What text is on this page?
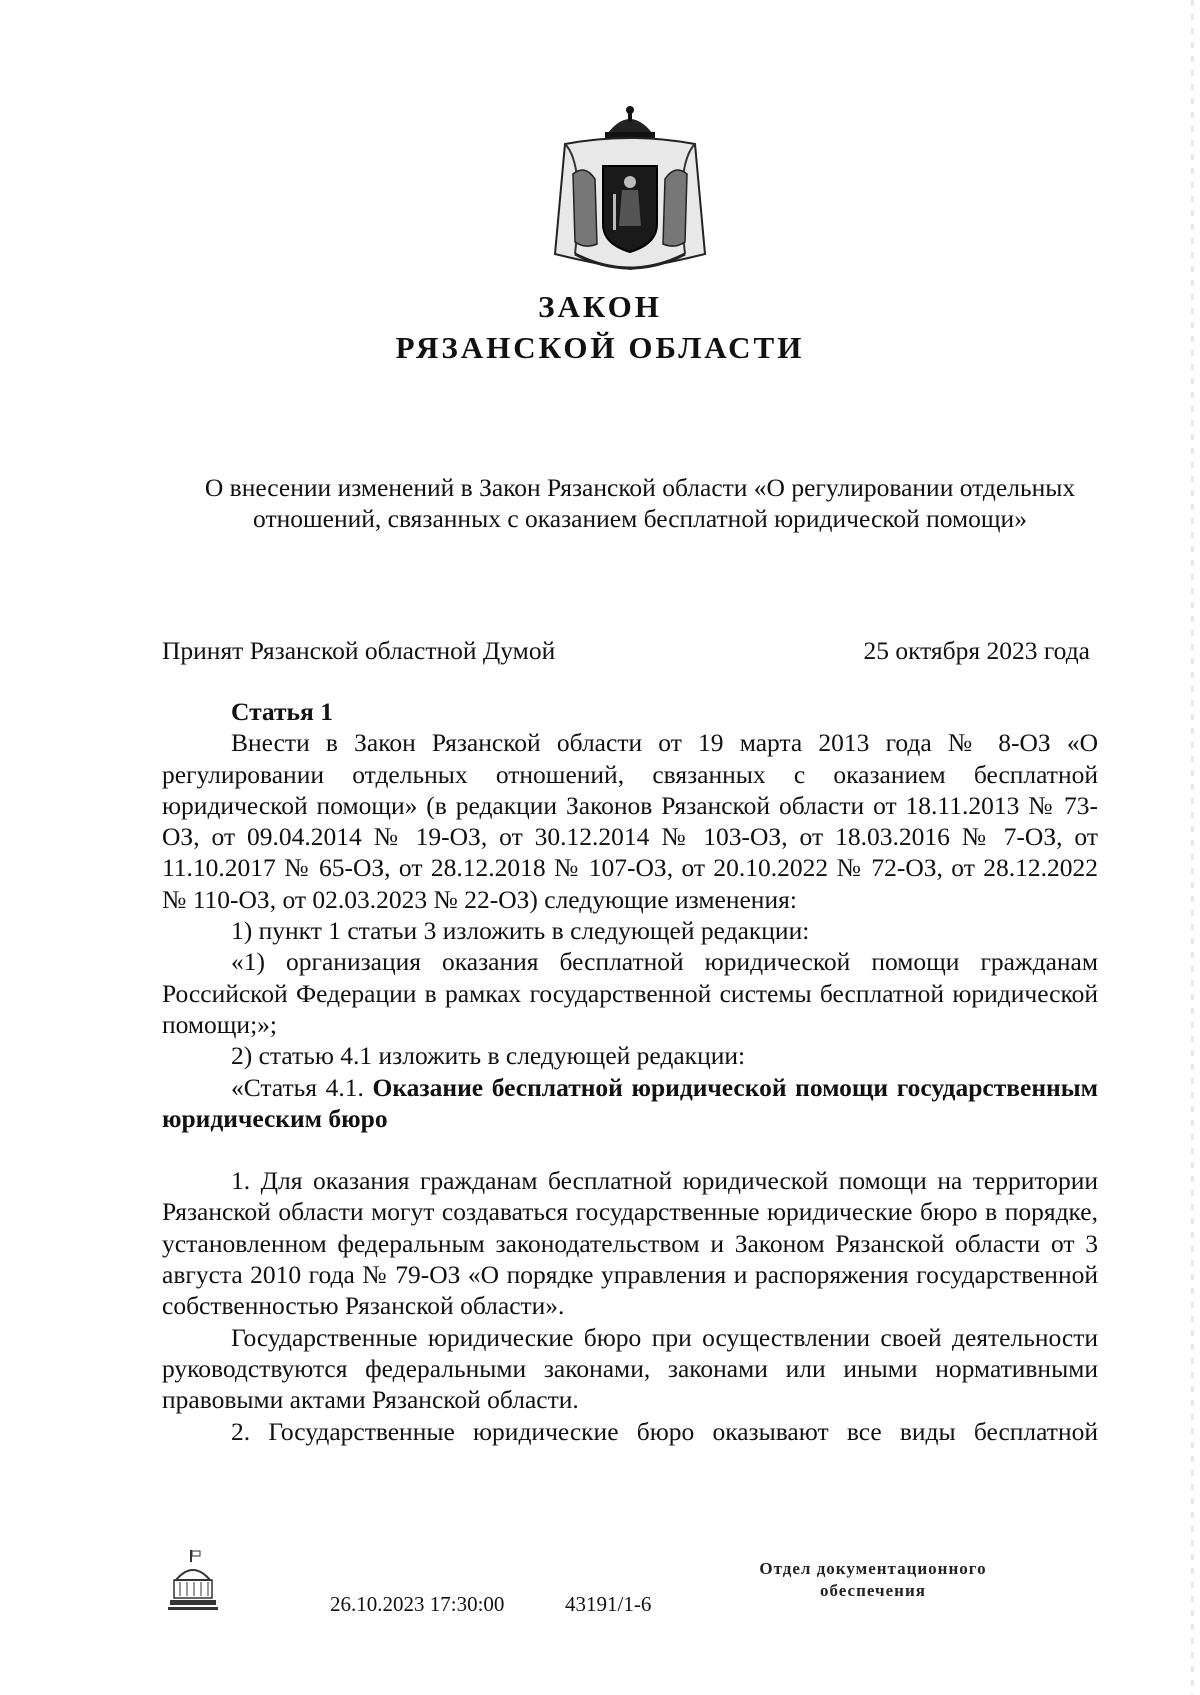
ЗАКОН
РЯЗАНСКОЙ ОБЛАСТИ
О внесении изменений в Закон Рязанской области «О регулировании отдельных отношений, связанных с оказанием бесплатной юридической помощи»
Принят Рязанской областной Думой	25 октября 2023 года

Статья 1

Внести в Закон Рязанской области от 19 марта 2013 года № 8-ОЗ «О регулировании отдельных отношений, связанных с оказанием бесплатной юридической помощи» (в редакции Законов Рязанской области от 18.11.2013 № 73-ОЗ, от 09.04.2014 № 19-ОЗ, от 30.12.2014 № 103-ОЗ, от 18.03.2016 № 7-ОЗ, от 11.10.2017 № 65-ОЗ, от 28.12.2018 № 107-ОЗ, от 20.10.2022 № 72-ОЗ, от 28.12.2022 № 110-ОЗ, от 02.03.2023 № 22-ОЗ) следующие изменения:

1) пункт 1 статьи 3 изложить в следующей редакции:

«1) организация оказания бесплатной юридической помощи гражданам Российской Федерации в рамках государственной системы бесплатной юридической помощи;»;

2) статью 4.1 изложить в следующей редакции:

«Статья 4.1. Оказание бесплатной юридической помощи государственным юридическим бюро

1. Для оказания гражданам бесплатной юридической помощи на территории Рязанской области могут создаваться государственные юридические бюро в порядке, установленном федеральным законодательством и Законом Рязанской области от 3 августа 2010 года № 79-ОЗ «О порядке управления и распоряжения государственной собственностью Рязанской области».

Государственные юридические бюро при осуществлении своей деятельности руководствуются федеральными законами, законами или иными нормативными правовыми актами Рязанской области.

2. Государственные юридические бюро оказывают все виды бесплатной

26.10.2023 17:30:00	43191/1-6
Отдел документационного
обеспечения
